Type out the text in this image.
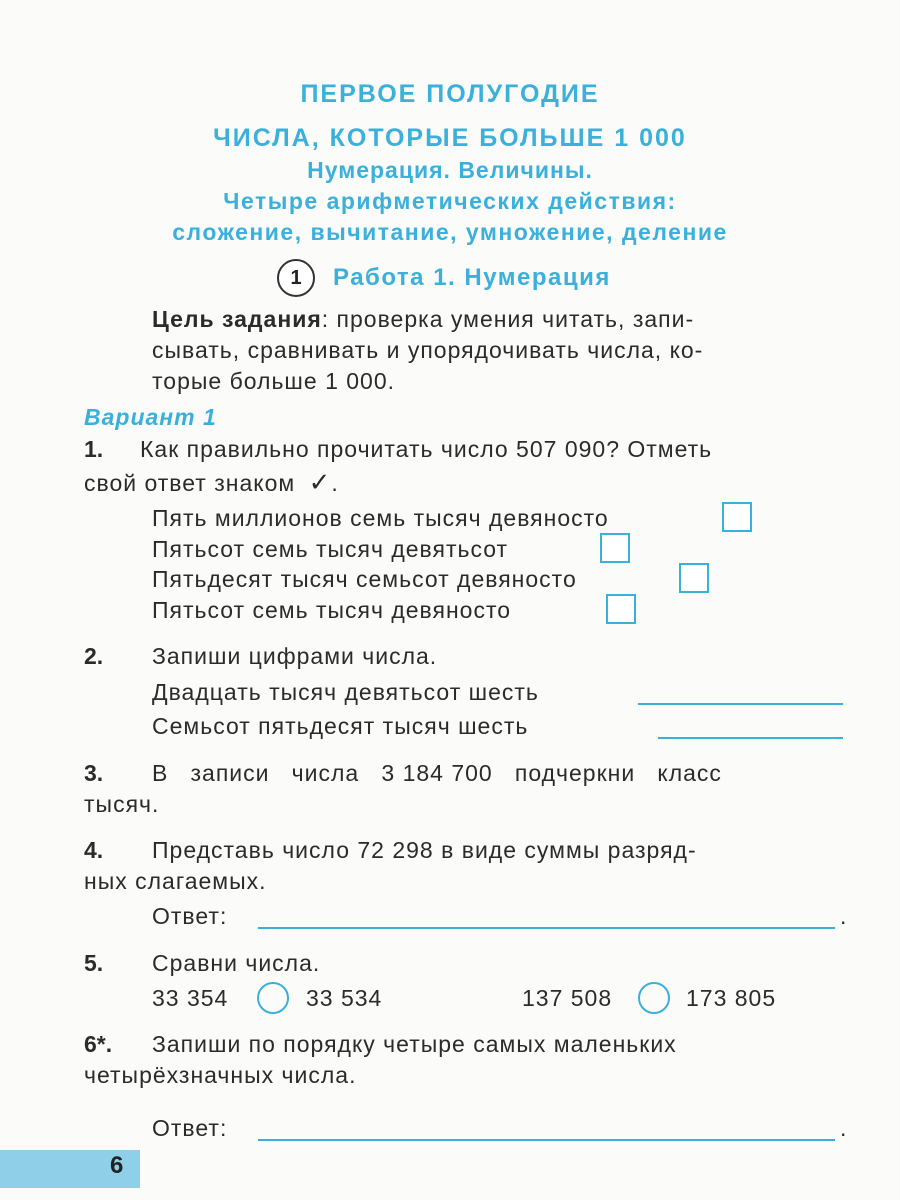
ПЕРВОЕ ПОЛУГОДИЕ
ЧИСЛА, КОТОРЫЕ БОЛЬШЕ 1 000
Нумерация. Величины.
Четыре арифметических действия:
сложение, вычитание, умножение, деление
1	Работа 1. Нумерация
Цель задания: проверка умения читать, запи-
сывать, сравнивать и упорядочивать числа, ко-
торые больше 1 000.
Вариант 1
1. Как правильно прочитать число 507 090? Отметь
свой ответ знаком ✓.
Пять миллионов семь тысяч девяносто
Пятьсот семь тысяч девятьсот
Пятьдесят тысяч семьсот девяносто
Пятьсот семь тысяч девяносто
2. Запиши цифрами числа.
Двадцать тысяч девятьсот шесть
Семьсот пятьдесят тысяч шесть
3. В   записи   числа   3 184 700   подчеркни   класс
тысяч.
4. Представь число 72 298 в виде суммы разряд-
ных слагаемых.
Ответ:	.
5. Сравни числа.
33 354	33 534	137 508	173 805
6*. Запиши по порядку четыре самых маленьких
четырёхзначных числа.
Ответ:	.
6
